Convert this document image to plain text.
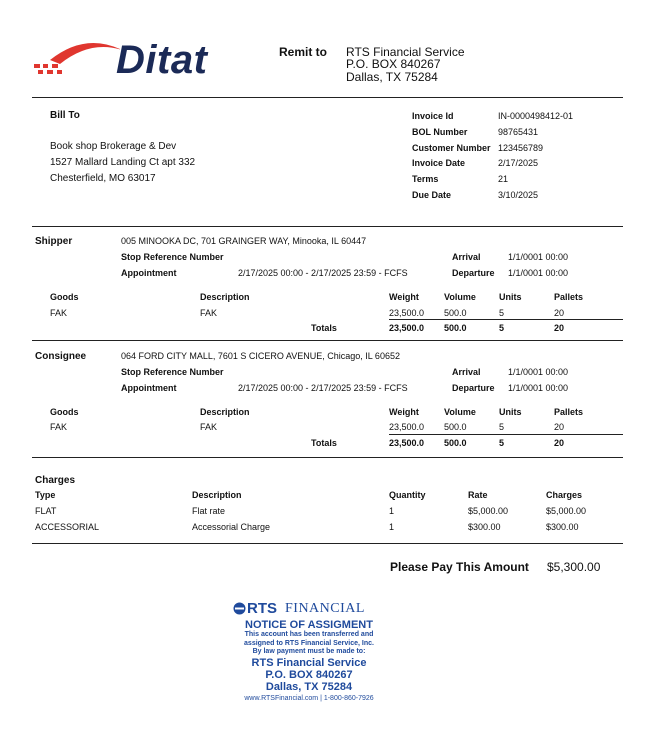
Ditat	Remit to RTS Financial Service
P.O. BOX 840267
Dallas, TX 75284
Bill To
Book shop Brokerage & Dev
1527 Mallard Landing Ct apt 332
Chesterfield, MO 63017
Invoice Id	IN-0000498412-01
BOL Number	98765431
Customer Number 123456789
Invoice Date	2/17/2025
Terms	21
Due Date	3/10/2025
Shipper	005 MINOOKA DC, 701 GRAINGER WAY, Minooka, IL 60447
Stop Reference Number
Appointment	2/17/2025 00:00 - 2/17/2025 23:59 - FCFS
Arrival	1/1/0001 00:00
Departure 1/1/0001 00:00
Goods	Description	Weight	Volume	Units	Pallets
FAK	FAK	23,500.0 500.0	5	20
Totals	23,500.0 500.0	5	20
Consignee	064 FORD CITY MALL, 7601 S CICERO AVENUE, Chicago, IL 60652
Stop Reference Number
Appointment	2/17/2025 00:00 - 2/17/2025 23:59 - FCFS
Arrival	1/1/0001 00:00
Departure 1/1/0001 00:00
Goods	Description	Weight	Volume	Units	Pallets
FAK	FAK	23,500.0 500.0	5	20
Totals	23,500.0 500.0	5	20
Charges
Type	Description	Quantity	Rate	Charges
FLAT	Flat rate	1	$5,000.00	$5,000.00
ACCESSORIAL	Accessorial Charge	1	$300.00	$300.00
Please Pay This Amount $5,300.00
RTS FINANCIAL
NOTICE OF ASSIGMENT
This account has been transferred and
assigned to RTS Financial Service, Inc.
By law payment must be made to:
RTS Financial Service
P.O. BOX 840267
Dallas, TX 75284
www.RTSFinancial.com | 1-800-860-7926
